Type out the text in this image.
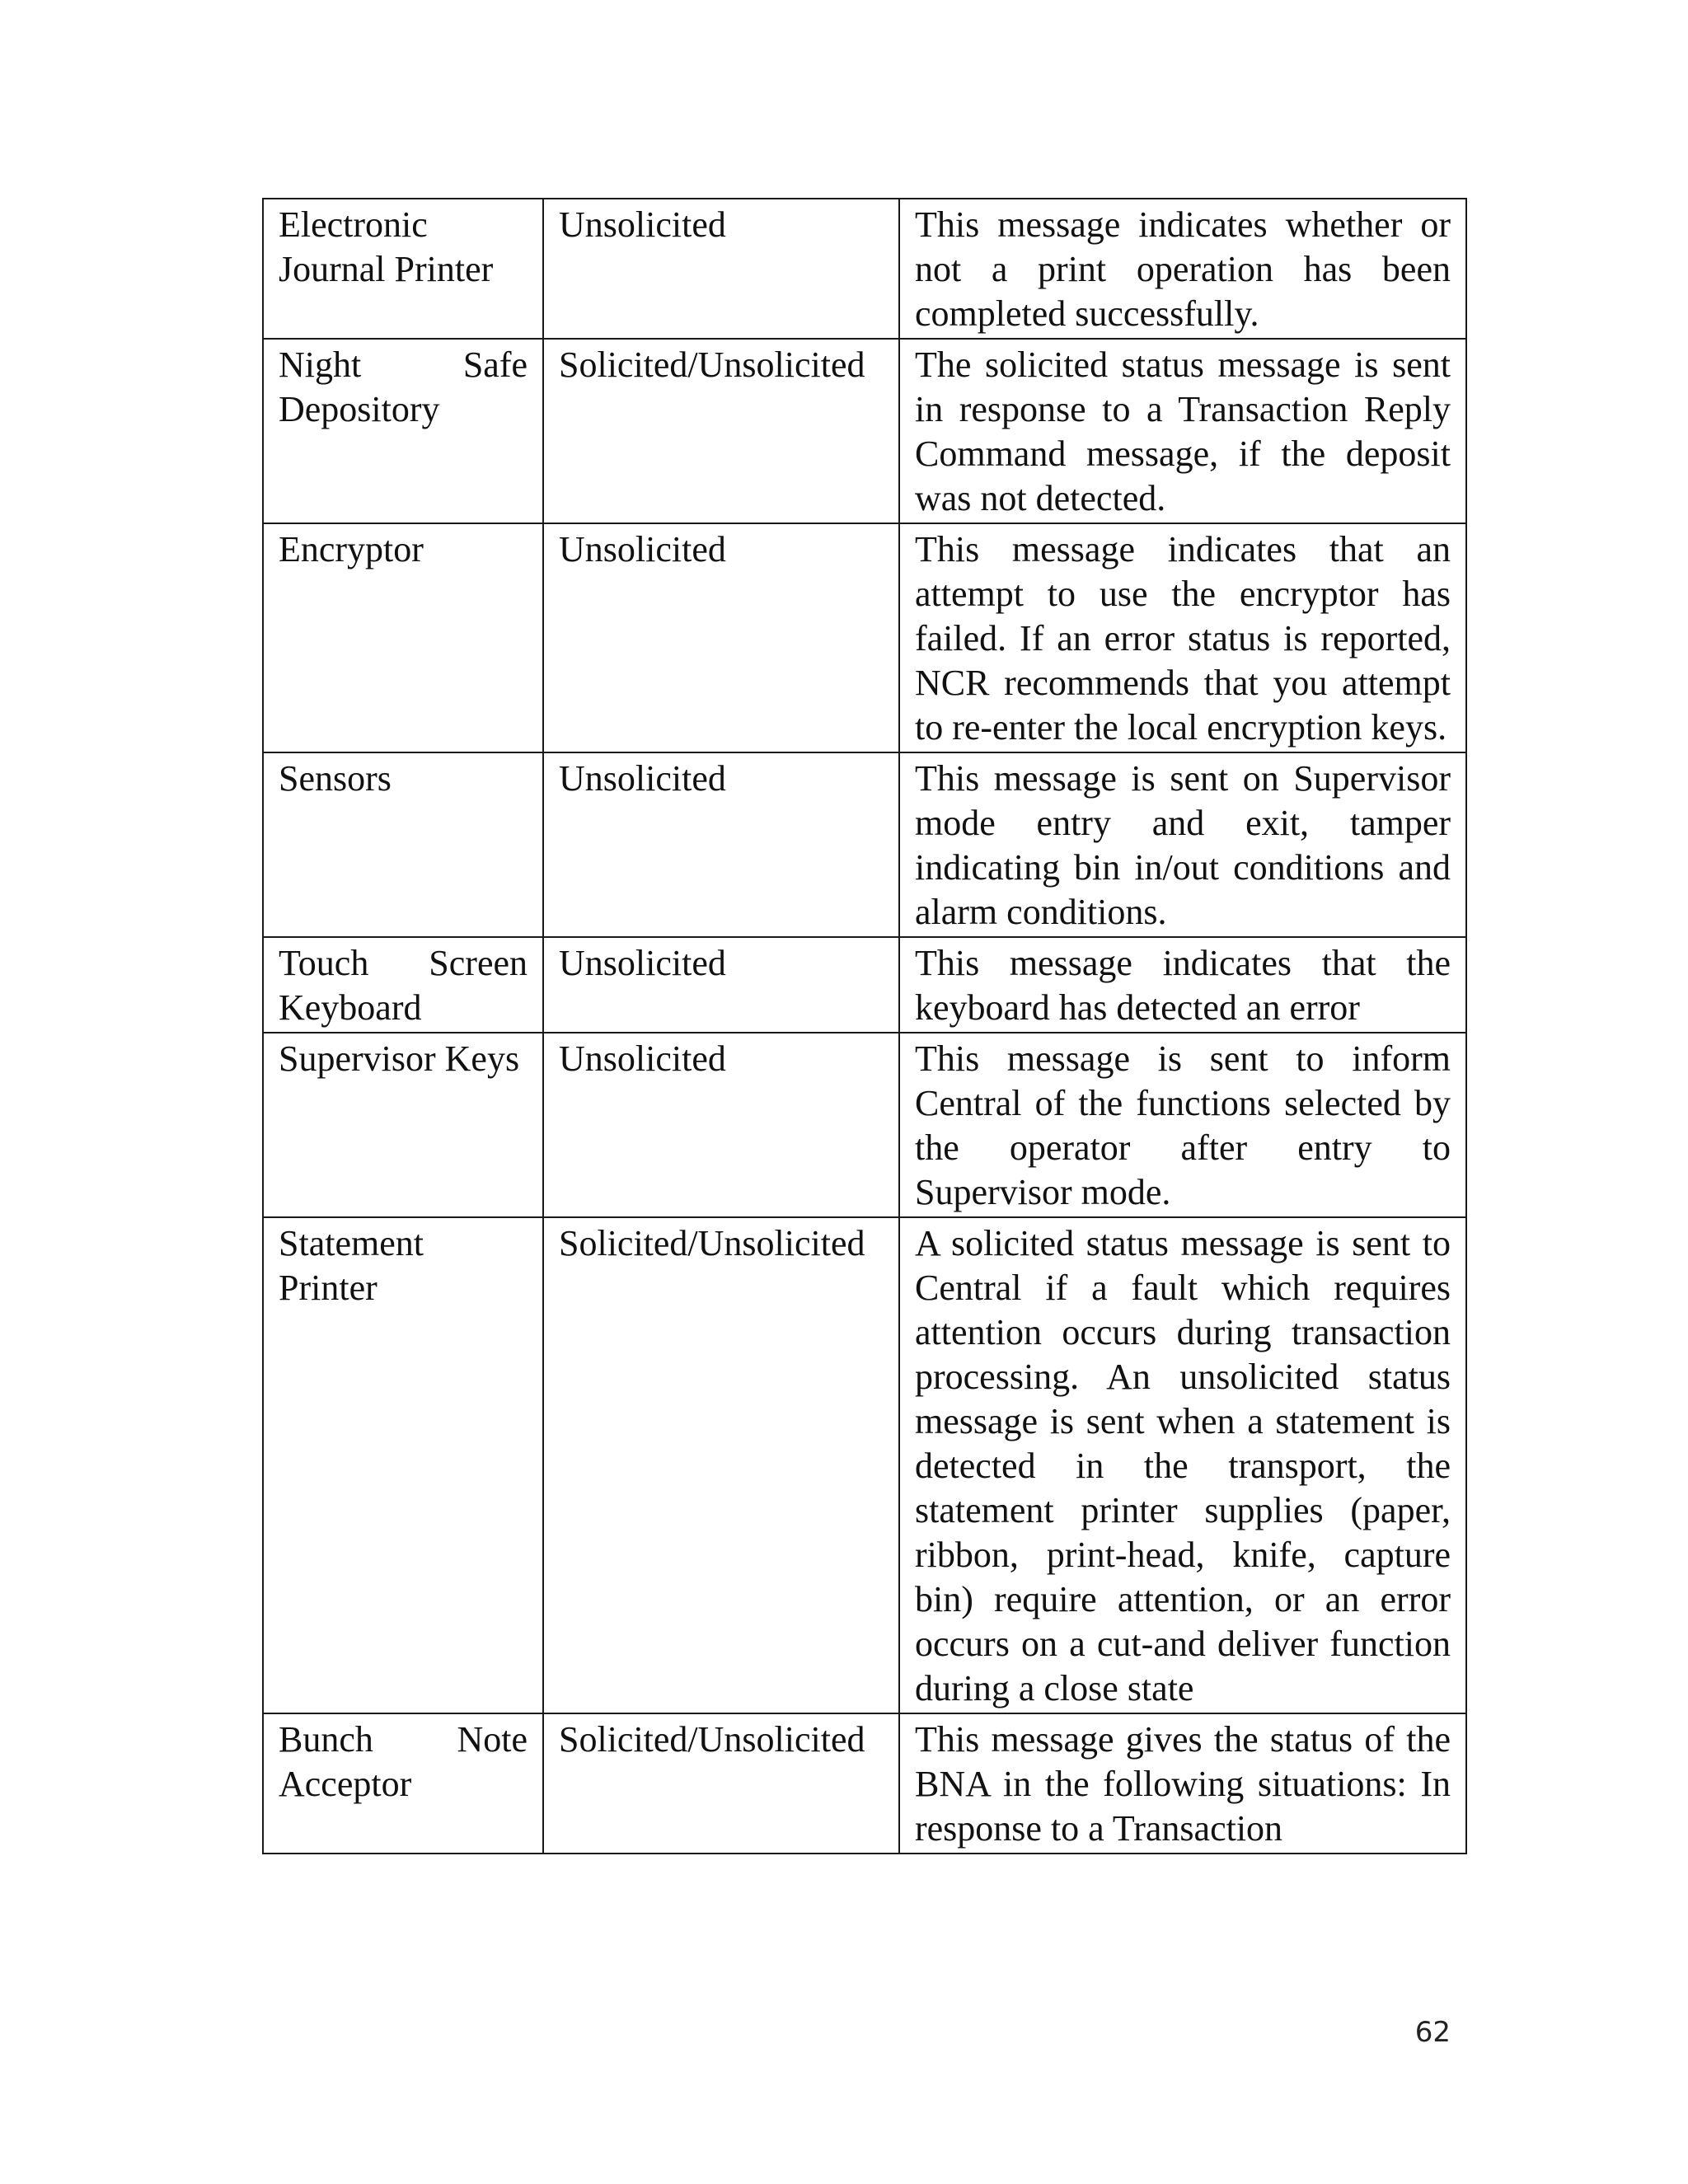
Electronic Journal Printer	Unsolicited	This message indicates whether or not a print operation has been completed successfully.
Night Safe Depository	Solicited/Unsolicited	The solicited status message is sent in response to a Transaction Reply Command message, if the deposit was not detected.
Encryptor	Unsolicited	This message indicates that an attempt to use the encryptor has failed. If an error status is reported, NCR recommends that you attempt to re-enter the local encryption keys.
Sensors	Unsolicited	This message is sent on Supervisor mode entry and exit, tamper indicating bin in/out conditions and alarm conditions.
Touch Screen Keyboard	Unsolicited	This message indicates that the keyboard has detected an error
Supervisor Keys	Unsolicited	This message is sent to inform Central of the functions selected by the operator after entry to Supervisor mode.
Statement Printer	Solicited/Unsolicited	A solicited status message is sent to Central if a fault which requires attention occurs during transaction processing. An unsolicited status message is sent when a statement is detected in the transport, the statement printer supplies (paper, ribbon, print-head, knife, capture bin) require attention, or an error occurs on a cut-and deliver function during a close state
Bunch Note Acceptor	Solicited/Unsolicited	This message gives the status of the BNA in the following situations: In response to a Transaction
62
